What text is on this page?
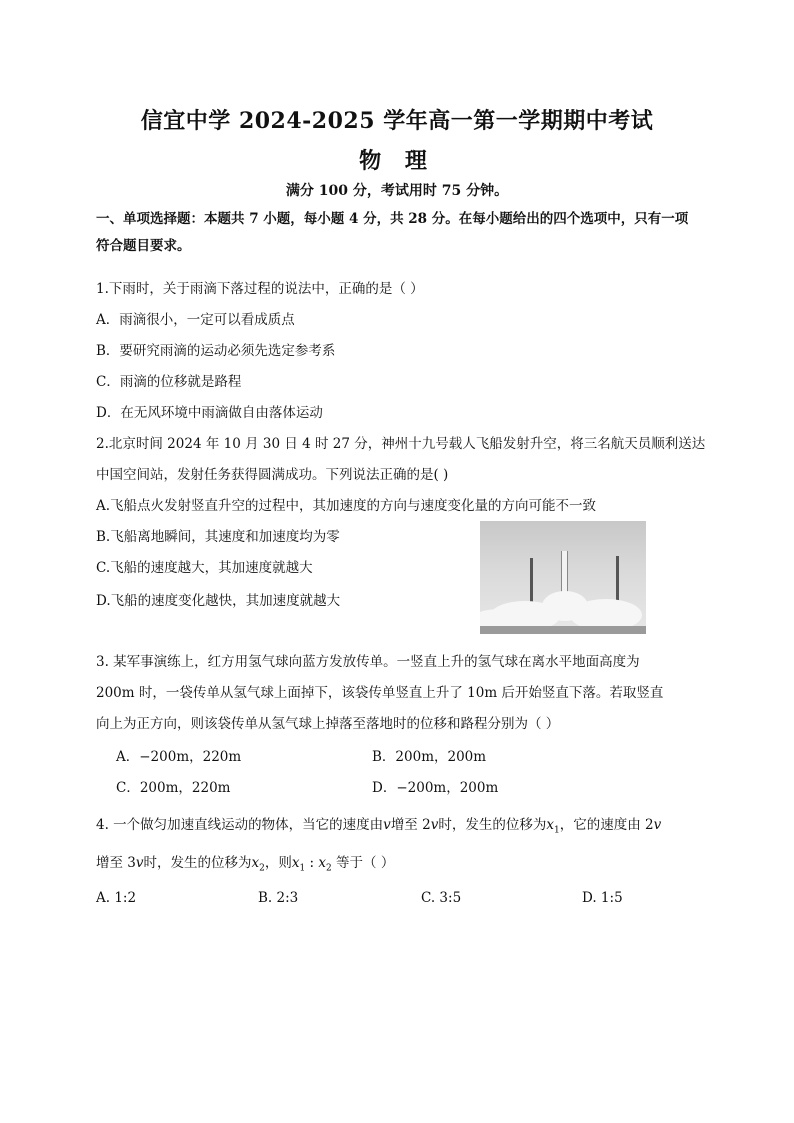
信宜中学 2024-2025 学年高一第一学期期中考试
物 理
满分 100 分，考试用时 75 分钟。
一、单项选择题：本题共 7 小题，每小题 4 分，共 28 分。在每小题给出的四个选项中，只有一项
符合题目要求。
1.下雨时，关于雨滴下落过程的说法中，正确的是（ ）
A．雨滴很小，一定可以看成质点
B．要研究雨滴的运动必须先选定参考系
C．雨滴的位移就是路程
D．在无风环境中雨滴做自由落体运动
2.北京时间 2024 年 10 月 30 日 4 时 27 分，神州十九号载人飞船发射升空，将三名航天员顺利送达
中国空间站，发射任务获得圆满成功。下列说法正确的是( )
A.飞船点火发射竖直升空的过程中，其加速度的方向与速度变化量的方向可能不一致
B.飞船离地瞬间，其速度和加速度均为零
C.飞船的速度越大，其加速度就越大
D.飞船的速度变化越快，其加速度就越大
3. 某军事演练上，红方用氢气球向蓝方发放传单。一竖直上升的氢气球在离水平地面高度为
200m 时，一袋传单从氢气球上面掉下，该袋传单竖直上升了 10m 后开始竖直下落。若取竖直
向上为正方向，则该袋传单从氢气球上掉落至落地时的位移和路程分别为（ ）
A．−200m，220m	B．200m，200m
C．200m，220m	D．−200m，200m
4. 一个做匀加速直线运动的物体，当它的速度由v增至 2v时，发生的位移为$x_1$，它的速度由 2v
增至 3v时，发生的位移为$x_2$，则$x_1$ : $x_2$ 等于（ ）
A. 1:2	B. 2:3	C. 3:5	D. 1:5
